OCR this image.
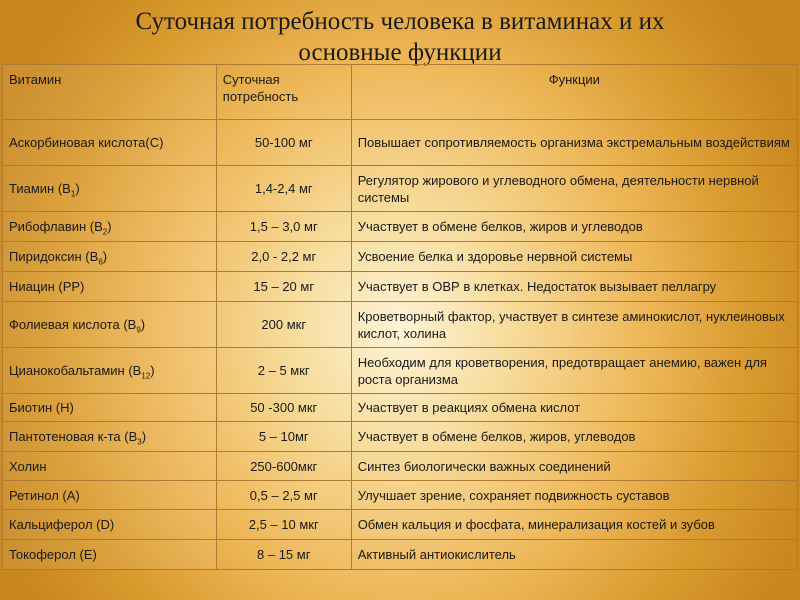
Суточная потребность человека в витаминах и их
основные функции
Витамин	Суточная потребность	Функции
Аскорбиновая кислота(С)	50-100 мг	Повышает сопротивляемость организма экстремальным воздействиям
Тиамин $(В_1)$	1,4-2,4 мг	Регулятор жирового и углеводного обмена, деятельности нервной системы
Рибофлавин $(В_2)$	1,5 – 3,0 мг	Участвует в обмене белков, жиров и углеводов
Пиридоксин $(В_6)$	2,0 - 2,2 мг	Усвоение белка и здоровье нервной системы
Ниацин (РР)	15 – 20 мг	Участвует в ОВР в клетках. Недостаток вызывает пеллагру
Фолиевая кислота $(В_9)$	200 мкг	Кроветворный фактор, участвует в синтезе аминокислот, нуклеиновых кислот, холина
Цианокобальтамин $(В_{12})$	2 – 5 мкг	Необходим для кроветворения, предотвращает анемию, важен для роста организма
Биотин (Н)	50 -300 мкг	Участвует в реакциях обмена кислот
Пантотеновая к-та $(В_3)$	5 – 10мг	Участвует в обмене белков, жиров, углеводов
Холин	250-600мкг	Синтез биологически важных соединений
Ретинол (А)	0,5 – 2,5 мг	Улучшает зрение, сохраняет подвижность суставов
Кальциферол (D)	2,5 – 10 мкг	Обмен кальция и фосфата, минерализация костей и зубов
Токоферол (Е)	8 – 15 мг	Активный антиокислитель
